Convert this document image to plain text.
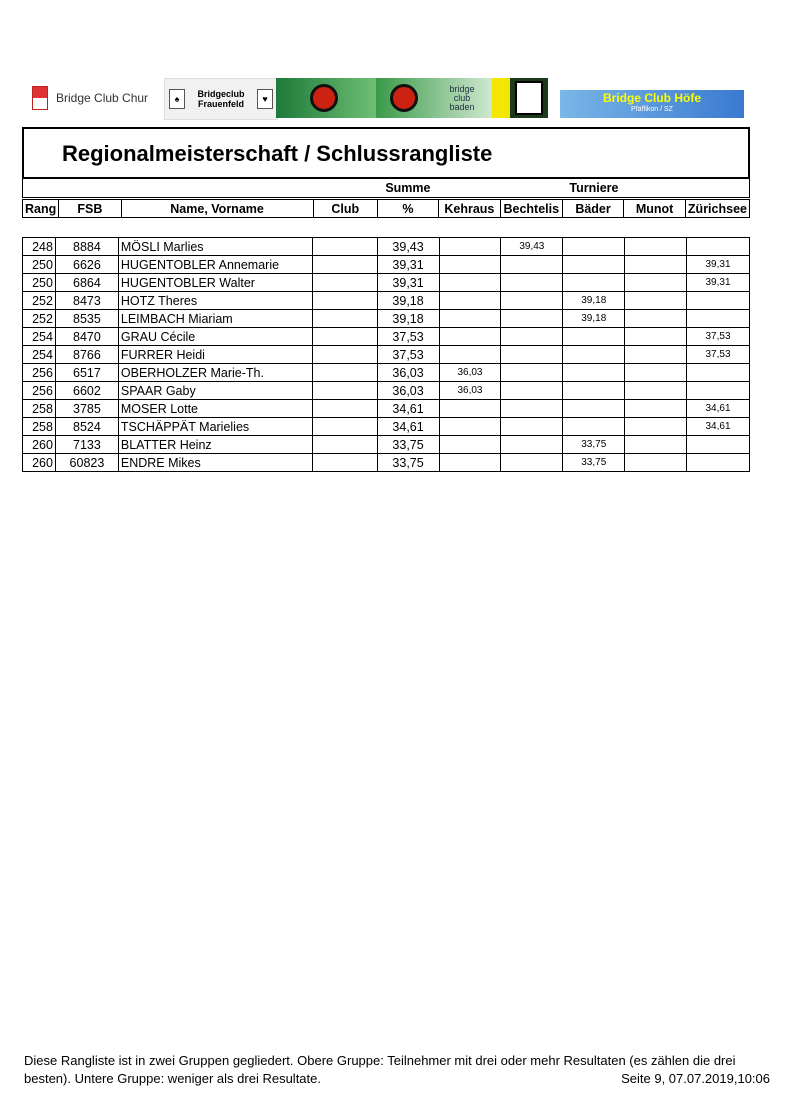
Bridge Club Chur	♠	Bridgeclub Frauenfeld	♥
bridge club baden
Bridge Club Höfe
Pfäffikon / SZ
Regionalmeisterschaft / Schlussrangliste
	Summe	Turniere
Rang	FSB	Name, Vorname	Club	%	Kehraus	Bechtelis	Bäder	Munot	Zürichsee
248	8884	MÖSLI Marlies		39,43		39,43			
250	6626	HUGENTOBLER Annemarie		39,31					39,31
250	6864	HUGENTOBLER Walter		39,31					39,31
252	8473	HOTZ Theres		39,18			39,18		
252	8535	LEIMBACH Miariam		39,18			39,18		
254	8470	GRAU Cécile		37,53					37,53
254	8766	FURRER Heidi		37,53					37,53
256	6517	OBERHOLZER Marie-Th.		36,03	36,03				
256	6602	SPAAR Gaby		36,03	36,03				
258	3785	MOSER Lotte		34,61					34,61
258	8524	TSCHÄPPÄT Marielies		34,61					34,61
260	7133	BLATTER Heinz		33,75			33,75		
260	60823	ENDRE Mikes		33,75			33,75		
Diese Rangliste ist in zwei Gruppen gegliedert. Obere Gruppe: Teilnehmer mit drei oder mehr Resultaten (es zählen die drei besten). Untere Gruppe: weniger als drei Resultate.	Seite 9, 07.07.2019,10:06
